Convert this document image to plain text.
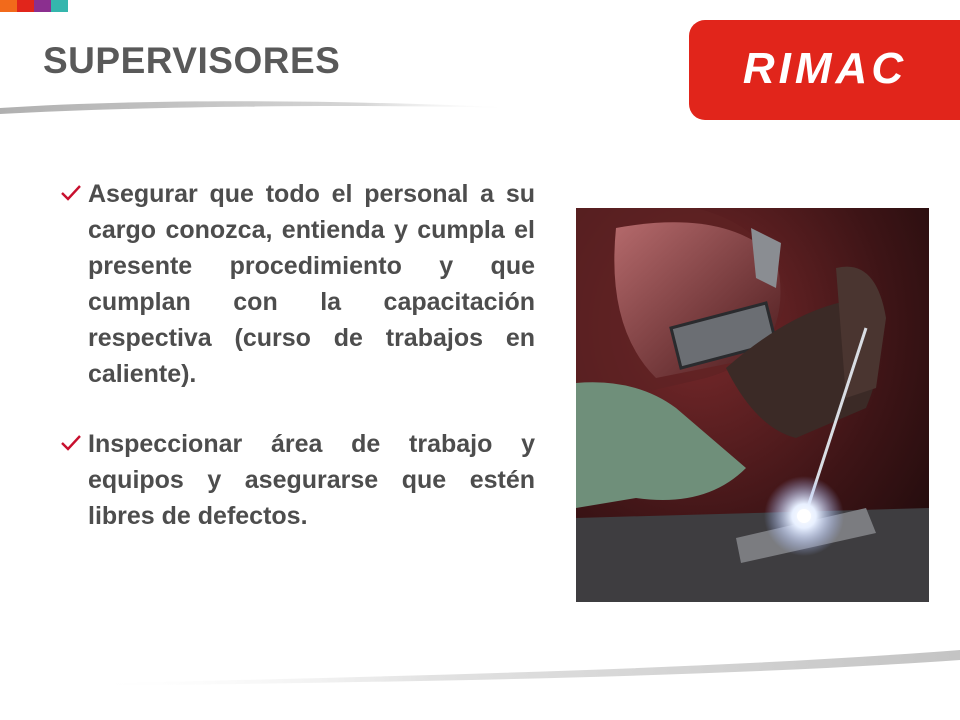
SUPERVISORES	RIMAC
Asegurar que todo el personal a su cargo conozca, entienda y cumpla el presente procedimiento y que cumplan con la capacitación respectiva (curso de trabajos en caliente).
Inspeccionar área de trabajo y equipos y asegurarse que estén libres de defectos.
